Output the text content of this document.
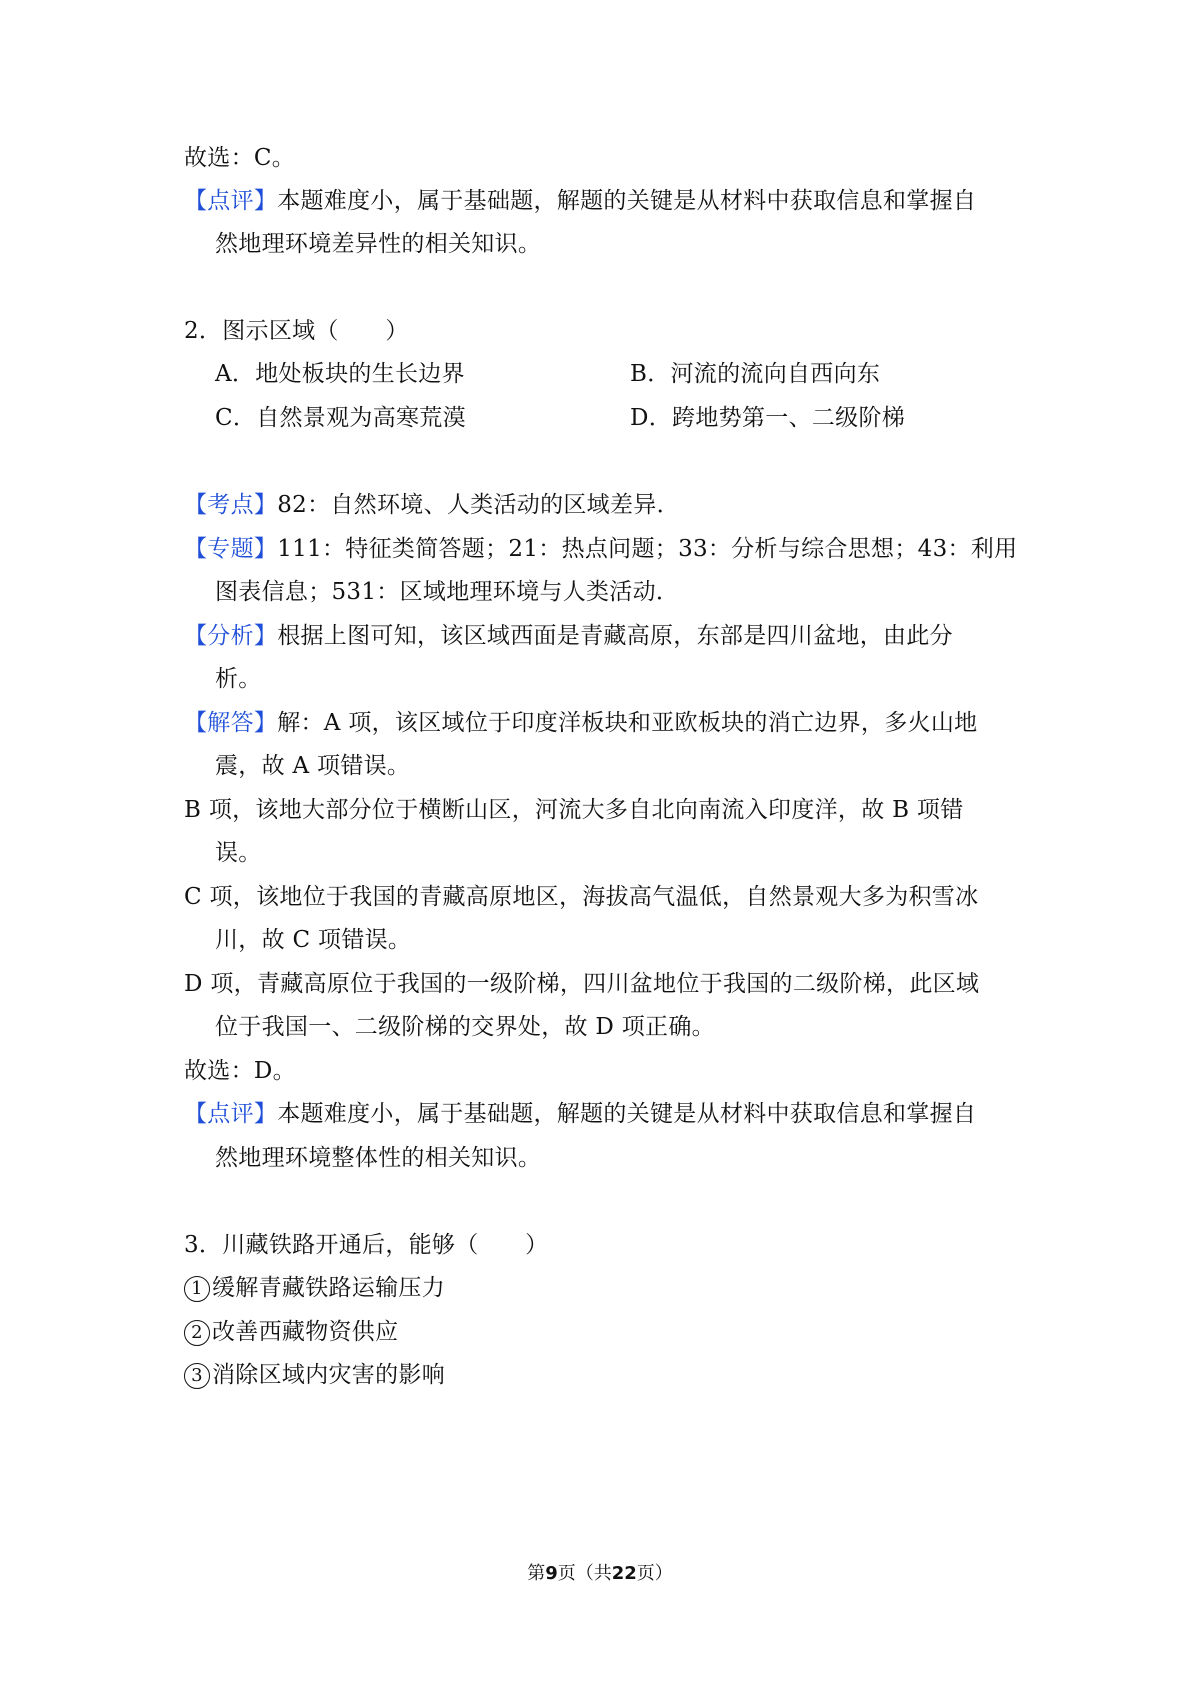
故选：C。
【点评】本题难度小，属于基础题，解题的关键是从材料中获取信息和掌握自
然地理环境差异性的相关知识。
2．图示区域（　　）
A．地处板块的生长边界	B．河流的流向自西向东
C．自然景观为高寒荒漠	D．跨地势第一、二级阶梯
【考点】82：自然环境、人类活动的区域差异．
【专题】111：特征类简答题；21：热点问题；33：分析与综合思想；43：利用
图表信息；531：区域地理环境与人类活动．
【分析】根据上图可知，该区域西面是青藏高原，东部是四川盆地，由此分
析。
【解答】解：A 项，该区域位于印度洋板块和亚欧板块的消亡边界，多火山地
震，故 A 项错误。
B 项，该地大部分位于横断山区，河流大多自北向南流入印度洋，故 B 项错
误。
C 项，该地位于我国的青藏高原地区，海拔高气温低，自然景观大多为积雪冰
川，故 C 项错误。
D 项，青藏高原位于我国的一级阶梯，四川盆地位于我国的二级阶梯，此区域
位于我国一、二级阶梯的交界处，故 D 项正确。
故选：D。
【点评】本题难度小，属于基础题，解题的关键是从材料中获取信息和掌握自
然地理环境整体性的相关知识。
3．川藏铁路开通后，能够（　　）
1 缓解青藏铁路运输压力
2 改善西藏物资供应
3 消除区域内灾害的影响
第9页（共22页）
